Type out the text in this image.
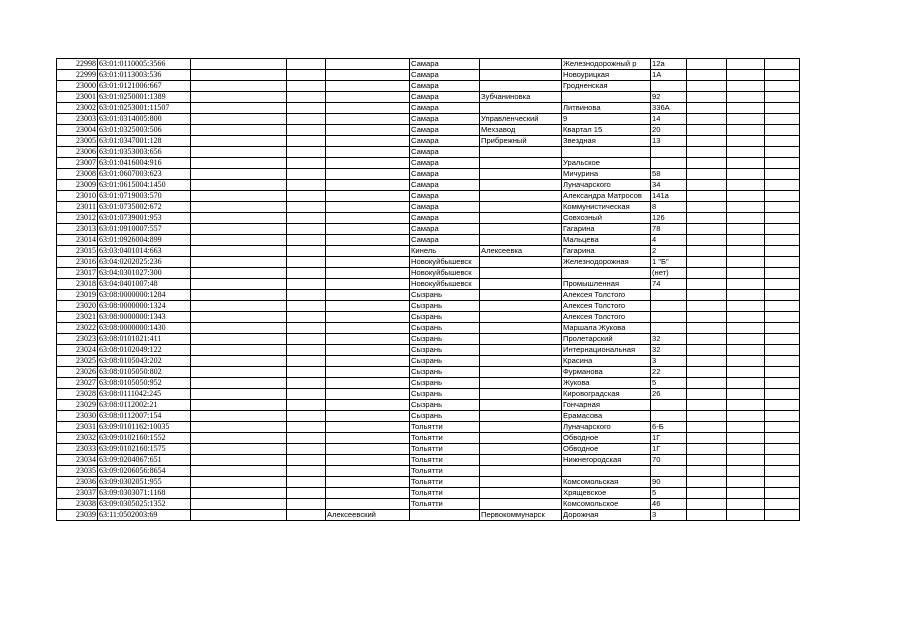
22998	63:01:0110005:3566				Самара		Железнодорожный р	12а			
22999	63:01:0113003:536				Самара		Новоурицкая	1А			
23000	63:01:0121006:667				Самара		Гродненская				
23001	63:01:0250001:1389				Самара	Зубчаниновка		92			
23002	63:01:0253001:11507				Самара		Литвинова	336А			
23003	63:01:0314005:800				Самара	Управленческий	9	14			
23004	63:01:0325003:506				Самара	Мехзавод	Квартал 15	20			
23005	63:01:0347001:128				Самара	Прибрежный	Звездная	13			
23006	63:01:0353003:656				Самара						
23007	63:01:0416004:916				Самара		Уральское				
23008	63:01:0607003:623				Самара		Мичурина	58			
23009	63:01:0615004:1450				Самара		Луначарского	34			
23010	63:01:0719003:570				Самара		Александра Матросов	141а			
23011	63:01:0735002:672				Самара		Коммунистическая	8			
23012	63:01:0739001:953				Самара		Совхозный	126			
23013	63:01:0910007:557				Самара		Гагарина	78			
23014	63:01:0926004:899				Самара		Мальцева	4			
23015	63:03:0401014:663				Кинель	Алексеевка	Гагарина	2			
23016	63:04:0202025:236				Новокуйбышевск		Железнодорожная	1 "Б"			
23017	63:04:0301027:300				Новокуйбышевск			(нет)			
23018	63:04:0401007:48				Новокуйбышевск		Промышленная	74			
23019	63:08:0000000:1284				Сызрань		Алексея Толстого				
23020	63:08:0000000:1324				Сызрань		Алексея Толстого				
23021	63:08:0000000:1343				Сызрань		Алексея Толстого				
23022	63:08:0000000:1430				Сызрань		Маршала Жукова				
23023	63:08:0101021:411				Сызрань		Пролетарский	32			
23024	63:08:0102049:122				Сызрань		Интернациональная	32			
23025	63:08:0105043:202				Сызрань		Красина	3			
23026	63:08:0105050:802				Сызрань		Фурманова	22			
23027	63:08:0105050:952				Сызрань		Жукова	5			
23028	63:08:0111042:245				Сызрань		Кировоградская	26			
23029	63:08:0112002:21				Сызрань		Гончарная				
23030	63:08:0112007:154				Сызрань		Ерамасова				
23031	63:09:0101162:10035				Тольятти		Луначарского	6-Б			
23032	63:09:0102160:1552				Тольятти		Обводное	1Г			
23033	63:09:0102160:1575				Тольятти		Обводное	1Г			
23034	63:09:0204067:651				Тольятти		Нижнегородская	70			
23035	63:09:0206056:8654				Тольятти						
23036	63:09:0302051:955				Тольятти		Комсомольская	90			
23037	63:09:0303071:1168				Тольятти		Хрящевское	5			
23038	63:09:0305025:1352				Тольятти		Комсомольское	46			
23039	63:11:0502003:69			Алексеевский		Первокоммунарск	Дорожная	3			
